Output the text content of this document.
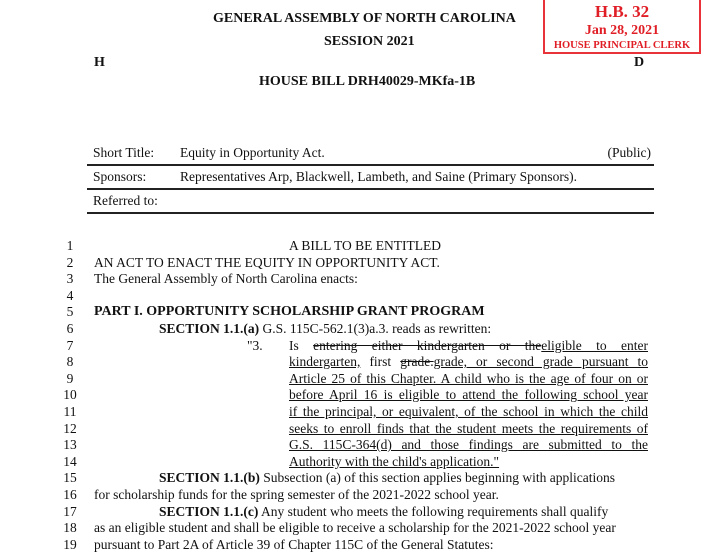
GENERAL ASSEMBLY OF NORTH CAROLINA
SESSION 2021
H	D
HOUSE BILL DRH40029-MKfa-1B
H.B. 32
Jan 28, 2021
HOUSE PRINCIPAL CLERK
Short Title: Equity in Opportunity Act.	(Public)
Sponsors: Representatives Arp, Blackwell, Lambeth, and Saine (Primary Sponsors).
Referred to:
1
2
3
4
5
6
7
8
9
10
11
12
13
14
15
16
17
18
19
A BILL TO BE ENTITLED
AN ACT TO ENACT THE EQUITY IN OPPORTUNITY ACT.
The General Assembly of North Carolina enacts:
PART I. OPPORTUNITY SCHOLARSHIP GRANT PROGRAM
SECTION 1.1.(a) G.S. 115C-562.1(3)a.3. reads as rewritten:
"3. Is entering either kindergarten or theeligible to enter
kindergarten, first grade.grade, or second grade pursuant to
Article 25 of this Chapter. A child who is the age of four on or
before April 16 is eligible to attend the following school year
if the principal, or equivalent, of the school in which the child
seeks to enroll finds that the student meets the requirements of
G.S. 115C-364(d) and those findings are submitted to the
Authority with the child's application."
SECTION 1.1.(b) Subsection (a) of this section applies beginning with applications
for scholarship funds for the spring semester of the 2021-2022 school year.
SECTION 1.1.(c) Any student who meets the following requirements shall qualify
as an eligible student and shall be eligible to receive a scholarship for the 2021-2022 school year
pursuant to Part 2A of Article 39 of Chapter 115C of the General Statutes:
